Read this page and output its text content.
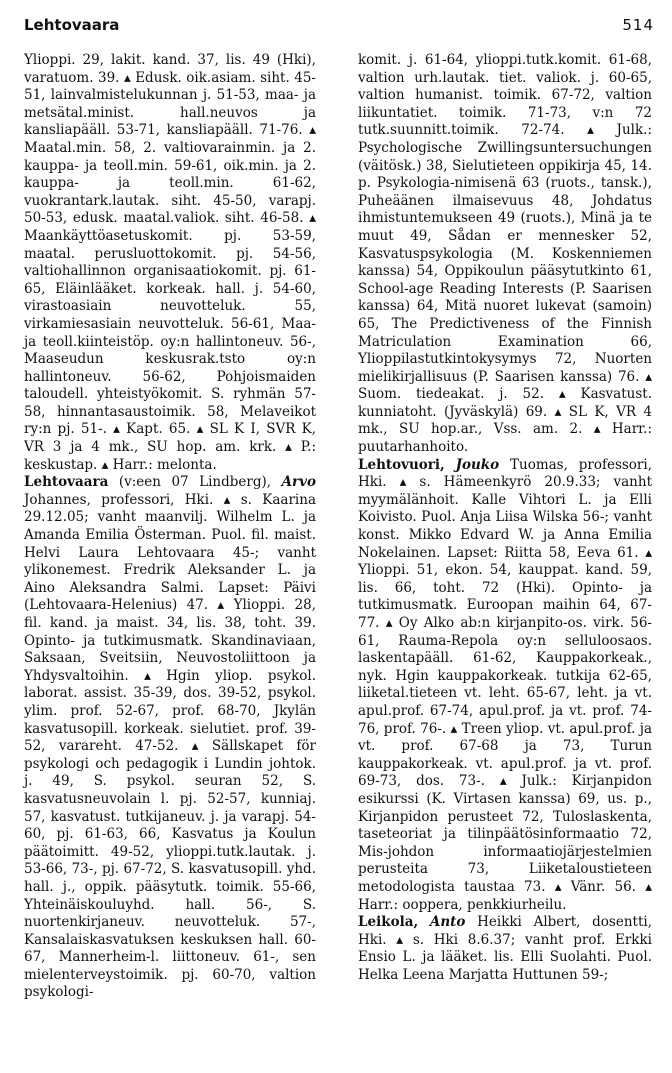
Lehtovaara	514

Ylioppi. 29, lakit. kand. 37, lis. 49 (Hki), varatuom. 39. ▴ Edusk. oik.asiam. siht. 45-51, lainvalmistelukunnan j. 51-53, maa- ja metsätal.minist. hall.neuvos ja kansliapääll. 53-71, kansliapääll. 71-76. ▴ Maatal.min. 58, 2. valtiovarainmin. ja 2. kauppa- ja teoll.min. 59-61, oik.min. ja 2. kauppa- ja teoll.min. 61-62, vuokrantark.lautak. siht. 45-50, varapj. 50-53, edusk. maatal.valiok. siht. 46-58. ▴ Maankäyttöasetuskomit. pj. 53-59, maatal. perusluottokomit. pj. 54-56, valtiohallinnon organisaatiokomit. pj. 61-65, Eläinlääket. korkeak. hall. j. 54-60, virastoasiain neuvotteluk. 55, virkamiesasiain neuvotteluk. 56-61, Maa- ja teoll.kiinteistöp. oy:n hallintoneuv. 56-, Maaseudun keskusrak.tsto oy:n hallintoneuv. 56-62, Pohjoismaiden taloudell. yhteistyökomit. S. ryhmän 57-58, hinnantasaustoimik. 58, Melaveikot ry:n pj. 51-. ▴ Kapt. 65. ▴ SL K I, SVR K, VR 3 ja 4 mk., SU hop. am. krk. ▴ P.: keskustap. ▴ Harr.: melonta.

Lehtovaara (v:een 07 Lindberg), Arvo Johannes, professori, Hki. ▴ s. Kaarina 29.12.05; vanht maanvilj. Wilhelm L. ja Amanda Emilia Österman. Puol. fil. maist. Helvi Laura Lehtovaara 45-; vanht ylikonemest. Fredrik Aleksander L. ja Aino Aleksandra Salmi. Lapset: Päivi (Lehtovaara-Helenius) 47. ▴ Ylioppi. 28, fil. kand. ja maist. 34, lis. 38, toht. 39. Opinto- ja tutkimusmatk. Skandinaviaan, Saksaan, Sveitsiin, Neuvostoliittoon ja Yhdysvaltoihin. ▴ Hgin yliop. psykol. laborat. assist. 35-39, dos. 39-52, psykol. ylim. prof. 52-67, prof. 68-70, Jkylän kasvatusopill. korkeak. sielutiet. prof. 39-52, varareht. 47-52. ▴ Sällskapet för psykologi och pedagogik i Lundin johtok. j. 49, S. psykol. seuran 52, S. kasvatusneuvolain l. pj. 52-57, kunniaj. 57, kasvatust. tutkijaneuv. j. ja varapj. 54-60, pj. 61-63, 66, Kasvatus ja Koulun päätoimitt. 49-52, ylioppi.tutk.lautak. j. 53-66, 73-, pj. 67-72, S. kasvatusopill. yhd. hall. j., oppik. pääsytutk. toimik. 55-66, Yhteinäiskouluyhd. hall. 56-, S. nuortenkirjaneuv. neuvotteluk. 57-, Kansalaiskasvatuksen keskuksen hall. 60-67, Mannerheim-l. liittoneuv. 61-, sen mielenterveystoimik. pj. 60-70, valtion psykologi-

komit. j. 61-64, ylioppi.tutk.komit. 61-68, valtion urh.lautak. tiet. valiok. j. 60-65, valtion humanist. toimik. 67-72, valtion liikuntatiet. toimik. 71-73, v:n 72 tutk.suunnitt.toimik. 72-74. ▴ Julk.: Psychologische Zwillingsuntersuchungen (väitösk.) 38, Sielutieteen oppikirja 45, 14. p. Psykologia-nimisenä 63 (ruots., tansk.), Puheäänen ilmaisevuus 48, Johdatus ihmistuntemukseen 49 (ruots.), Minä ja te muut 49, Sådan er mennesker 52, Kasvatuspsykologia (M. Koskenniemen kanssa) 54, Oppikoulun pääsytutkinto 61, School-age Reading Interests (P. Saarisen kanssa) 64, Mitä nuoret lukevat (samoin) 65, The Predictiveness of the Finnish Matriculation Examination 66, Ylioppilastutkintokysymys 72, Nuorten mielikirjallisuus (P. Saarisen kanssa) 76. ▴ Suom. tiedeakat. j. 52. ▴ Kasvatust. kunniatoht. (Jyväskylä) 69. ▴ SL K, VR 4 mk., SU hop.ar., Vss. am. 2. ▴ Harr.: puutarhanhoito.

Lehtovuori, Jouko Tuomas, professori, Hki. ▴ s. Hämeenkyrö 20.9.33; vanht myymälänhoit. Kalle Vihtori L. ja Elli Koivisto. Puol. Anja Liisa Wilska 56-; vanht konst. Mikko Edvard W. ja Anna Emilia Nokelainen. Lapset: Riitta 58, Eeva 61. ▴ Ylioppi. 51, ekon. 54, kauppat. kand. 59, lis. 66, toht. 72 (Hki). Opinto- ja tutkimusmatk. Euroopan maihin 64, 67-77. ▴ Oy Alko ab:n kirjanpito-os. virk. 56-61, Rauma-Repola oy:n selluloosaos. laskentapääll. 61-62, Kauppakorkeak., nyk. Hgin kauppakorkeak. tutkija 62-65, liiketal.tieteen vt. leht. 65-67, leht. ja vt. apul.prof. 67-74, apul.prof. ja vt. prof. 74-76, prof. 76-. ▴ Treen yliop. vt. apul.prof. ja vt. prof. 67-68 ja 73, Turun kauppakorkeak. vt. apul.prof. ja vt. prof. 69-73, dos. 73-. ▴ Julk.: Kirjanpidon esikurssi (K. Virtasen kanssa) 69, us. p., Kirjanpidon perusteet 72, Tuloslaskenta, taseteoriat ja tilinpäätösinformaatio 72, Mis-johdon informaatiojärjestelmien perusteita 73, Liiketaloustieteen metodologista taustaa 73. ▴ Vänr. 56. ▴ Harr.: ooppera, penkkiurheilu.

Leikola, Anto Heikki Albert, dosentti, Hki. ▴ s. Hki 8.6.37; vanht prof. Erkki Ensio L. ja lääket. lis. Elli Suolahti. Puol. Helka Leena Marjatta Huttunen 59-;
